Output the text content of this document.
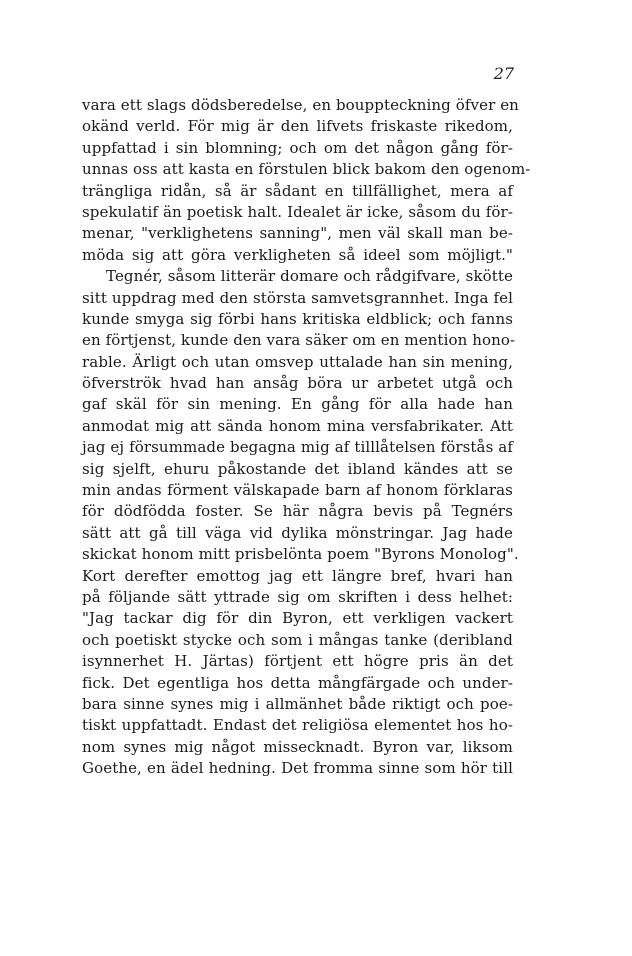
27
vara ett slags dödsberedelse, en bouppteckning öfver en
okänd verld. För mig är den lifvets friskaste rikedom,
uppfattad i sin blomning; och om det någon gång för-
unnas oss att kasta en förstulen blick bakom den ogenom-
trängliga ridån, så är sådant en tillfällighet, mera af
spekulatif än poetisk halt. Idealet är icke, såsom du för-
menar, "verklighetens sanning", men väl skall man be-
möda sig att göra verkligheten så ideel som möjligt."
Tegnér, såsom litterär domare och rådgifvare, skötte
sitt uppdrag med den största samvetsgrannhet. Inga fel
kunde smyga sig förbi hans kritiska eldblick; och fanns
en förtjenst, kunde den vara säker om en mention hono-
rable. Ärligt och utan omsvep uttalade han sin mening,
öfverströk hvad han ansåg böra ur arbetet utgå och
gaf skäl för sin mening. En gång för alla hade han
anmodat mig att sända honom mina versfabrikater. Att
jag ej försummade begagna mig af tilllåtelsen förstås af
sig sjelft, ehuru påkostande det ibland kändes att se
min andas förment välskapade barn af honom förklaras
för dödfödda foster. Se här några bevis på Tegnérs
sätt att gå till väga vid dylika mönstringar. Jag hade
skickat honom mitt prisbelönta poem "Byrons Monolog".
Kort derefter emottog jag ett längre bref, hvari han
på följande sätt yttrade sig om skriften i dess helhet:
"Jag tackar dig för din Byron, ett verkligen vackert
och poetiskt stycke och som i mångas tanke (deribland
isynnerhet H. Järtas) förtjent ett högre pris än det
fick. Det egentliga hos detta mångfärgade och under-
bara sinne synes mig i allmänhet både riktigt och poe-
tiskt uppfattadt. Endast det religiösa elementet hos ho-
nom synes mig något missecknadt. Byron var, liksom
Goethe, en ädel hedning. Det fromma sinne som hör till
